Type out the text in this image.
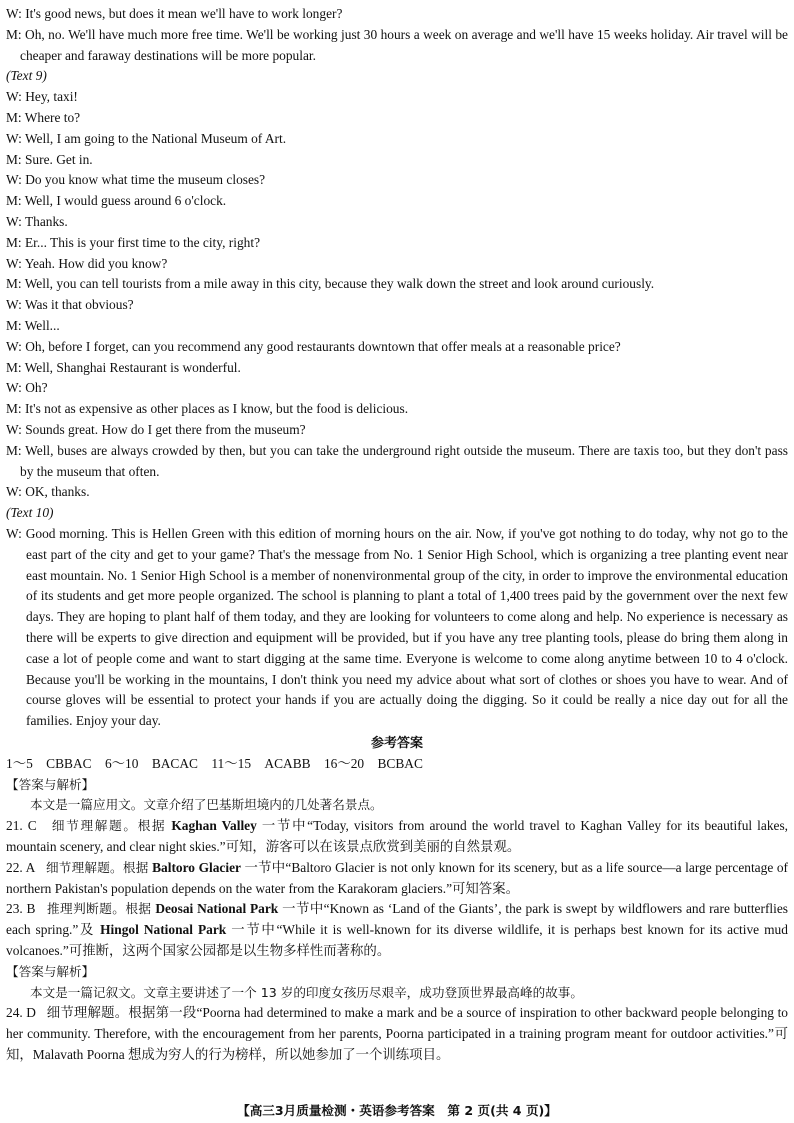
W: It's good news, but does it mean we'll have to work longer?
M: Oh, no. We'll have much more free time. We'll be working just 30 hours a week on average and we'll have 15 weeks holiday. Air travel will be cheaper and faraway destinations will be more popular.
(Text 9)
W: Hey, taxi!
M: Where to?
W: Well, I am going to the National Museum of Art.
M: Sure. Get in.
W: Do you know what time the museum closes?
M: Well, I would guess around 6 o'clock.
W: Thanks.
M: Er... This is your first time to the city, right?
W: Yeah. How did you know?
M: Well, you can tell tourists from a mile away in this city, because they walk down the street and look around curiously.
W: Was it that obvious?
M: Well...
W: Oh, before I forget, can you recommend any good restaurants downtown that offer meals at a reasonable price?
M: Well, Shanghai Restaurant is wonderful.
W: Oh?
M: It's not as expensive as other places as I know, but the food is delicious.
W: Sounds great. How do I get there from the museum?
M: Well, buses are always crowded by then, but you can take the underground right outside the museum. There are taxis too, but they don't pass by the museum that often.
W: OK, thanks.
(Text 10)
W: Good morning. This is Hellen Green with this edition of morning hours on the air. Now, if you've got nothing to do today, why not go to the east part of the city and get to your game? That's the message from No. 1 Senior High School, which is organizing a tree planting event near east mountain. No. 1 Senior High School is a member of nonenvironmental group of the city, in order to improve the environmental education of its students and get more people organized. The school is planning to plant a total of 1,400 trees paid by the government over the next few days. They are hoping to plant half of them today, and they are looking for volunteers to come along and help. No experience is necessary as there will be experts to give direction and equipment will be provided, but if you have any tree planting tools, please do bring them along in case a lot of people come and want to start digging at the same time. Everyone is welcome to come along anytime between 10 to 4 o'clock. Because you'll be working in the mountains, I don't think you need my advice about what sort of clothes or shoes you have to wear. And of course gloves will be essential to protect your hands if you are actually doing the digging. So it could be really a nice day out for all the families. Enjoy your day.
参考答案
1～5　CBBAC　6～10　BACAC　11～15　ACABB　16～20　BCBAC
【答案与解析】
本文是一篇应用文。文章介绍了巴基斯坦境内的几处著名景点。
21. C 细节理解题。根据 Kaghan Valley 一节中“Today, visitors from around the world travel to Kaghan Valley for its beautiful lakes, mountain scenery, and clear night skies.”可知，游客可以在该景点欣赏到美丽的自然景观。
22. A 细节理解题。根据 Baltoro Glacier 一节中“Baltoro Glacier is not only known for its scenery, but as a life source—a large percentage of northern Pakistan's population depends on the water from the Karakoram glaciers.”可知答案。
23. B 推理判断题。根据 Deosai National Park 一节中“Known as ‘Land of the Giants’, the park is swept by wildflowers and rare butterflies each spring.”及 Hingol National Park 一节中“While it is well-known for its diverse wildlife, it is perhaps best known for its active mud volcanoes.”可推断，这两个国家公园都是以生物多样性而著称的。
【答案与解析】
本文是一篇记叙文。文章主要讲述了一个 13 岁的印度女孩历尽艰辛，成功登顶世界最高峰的故事。
24. D 细节理解题。根据第一段“Poorna had determined to make a mark and be a source of inspiration to other backward people belonging to her community. Therefore, with the encouragement from her parents, Poorna participated in a training program meant for outdoor activities.”可知，Malavath Poorna 想成为穷人的行为榜样，所以她参加了一个训练项目。
【高三3月质量检测・英语参考答案　第 2 页(共 4 页)】
